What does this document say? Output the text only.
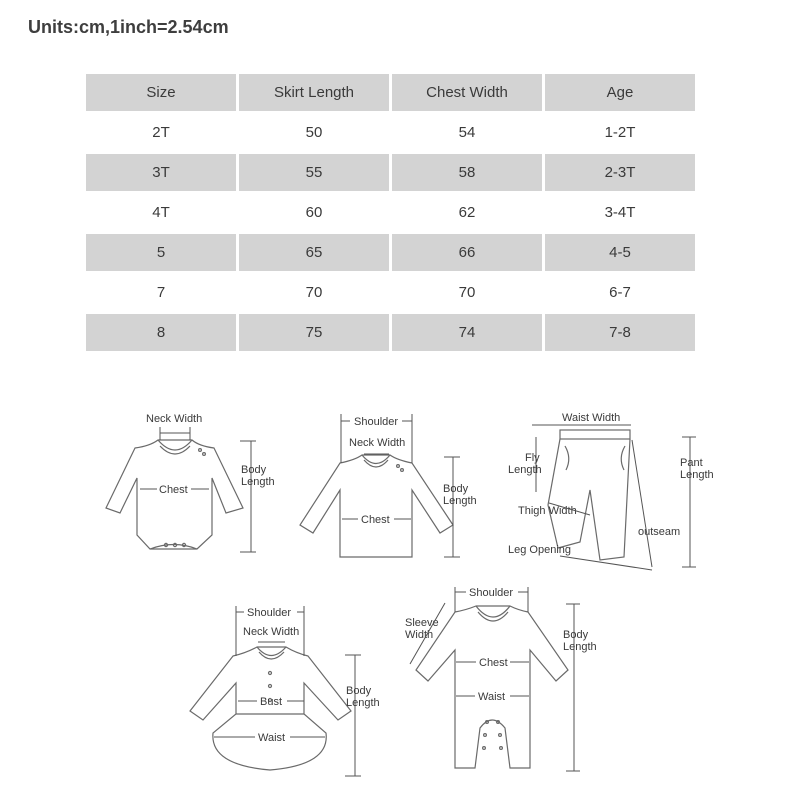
Units:cm,1inch=2.54cm
Size	Skirt Length	Chest Width	Age
2T	50	54	1-2T
3T	55	58	2-3T
4T	60	62	3-4T
5	65	66	4-5
7	70	70	6-7
8	75	74	7-8
Neck Width
Chest
Body
Length
Shoulder
Neck Width
Chest
Body
Length
Waist Width
Fly
Length
Pant
Length
Thigh Width
outseam
Leg Opening
Shoulder
Neck Width
Bust
Waist
Body
Length
Shoulder
Sleeve
Width
Chest
Waist
Body
Length
